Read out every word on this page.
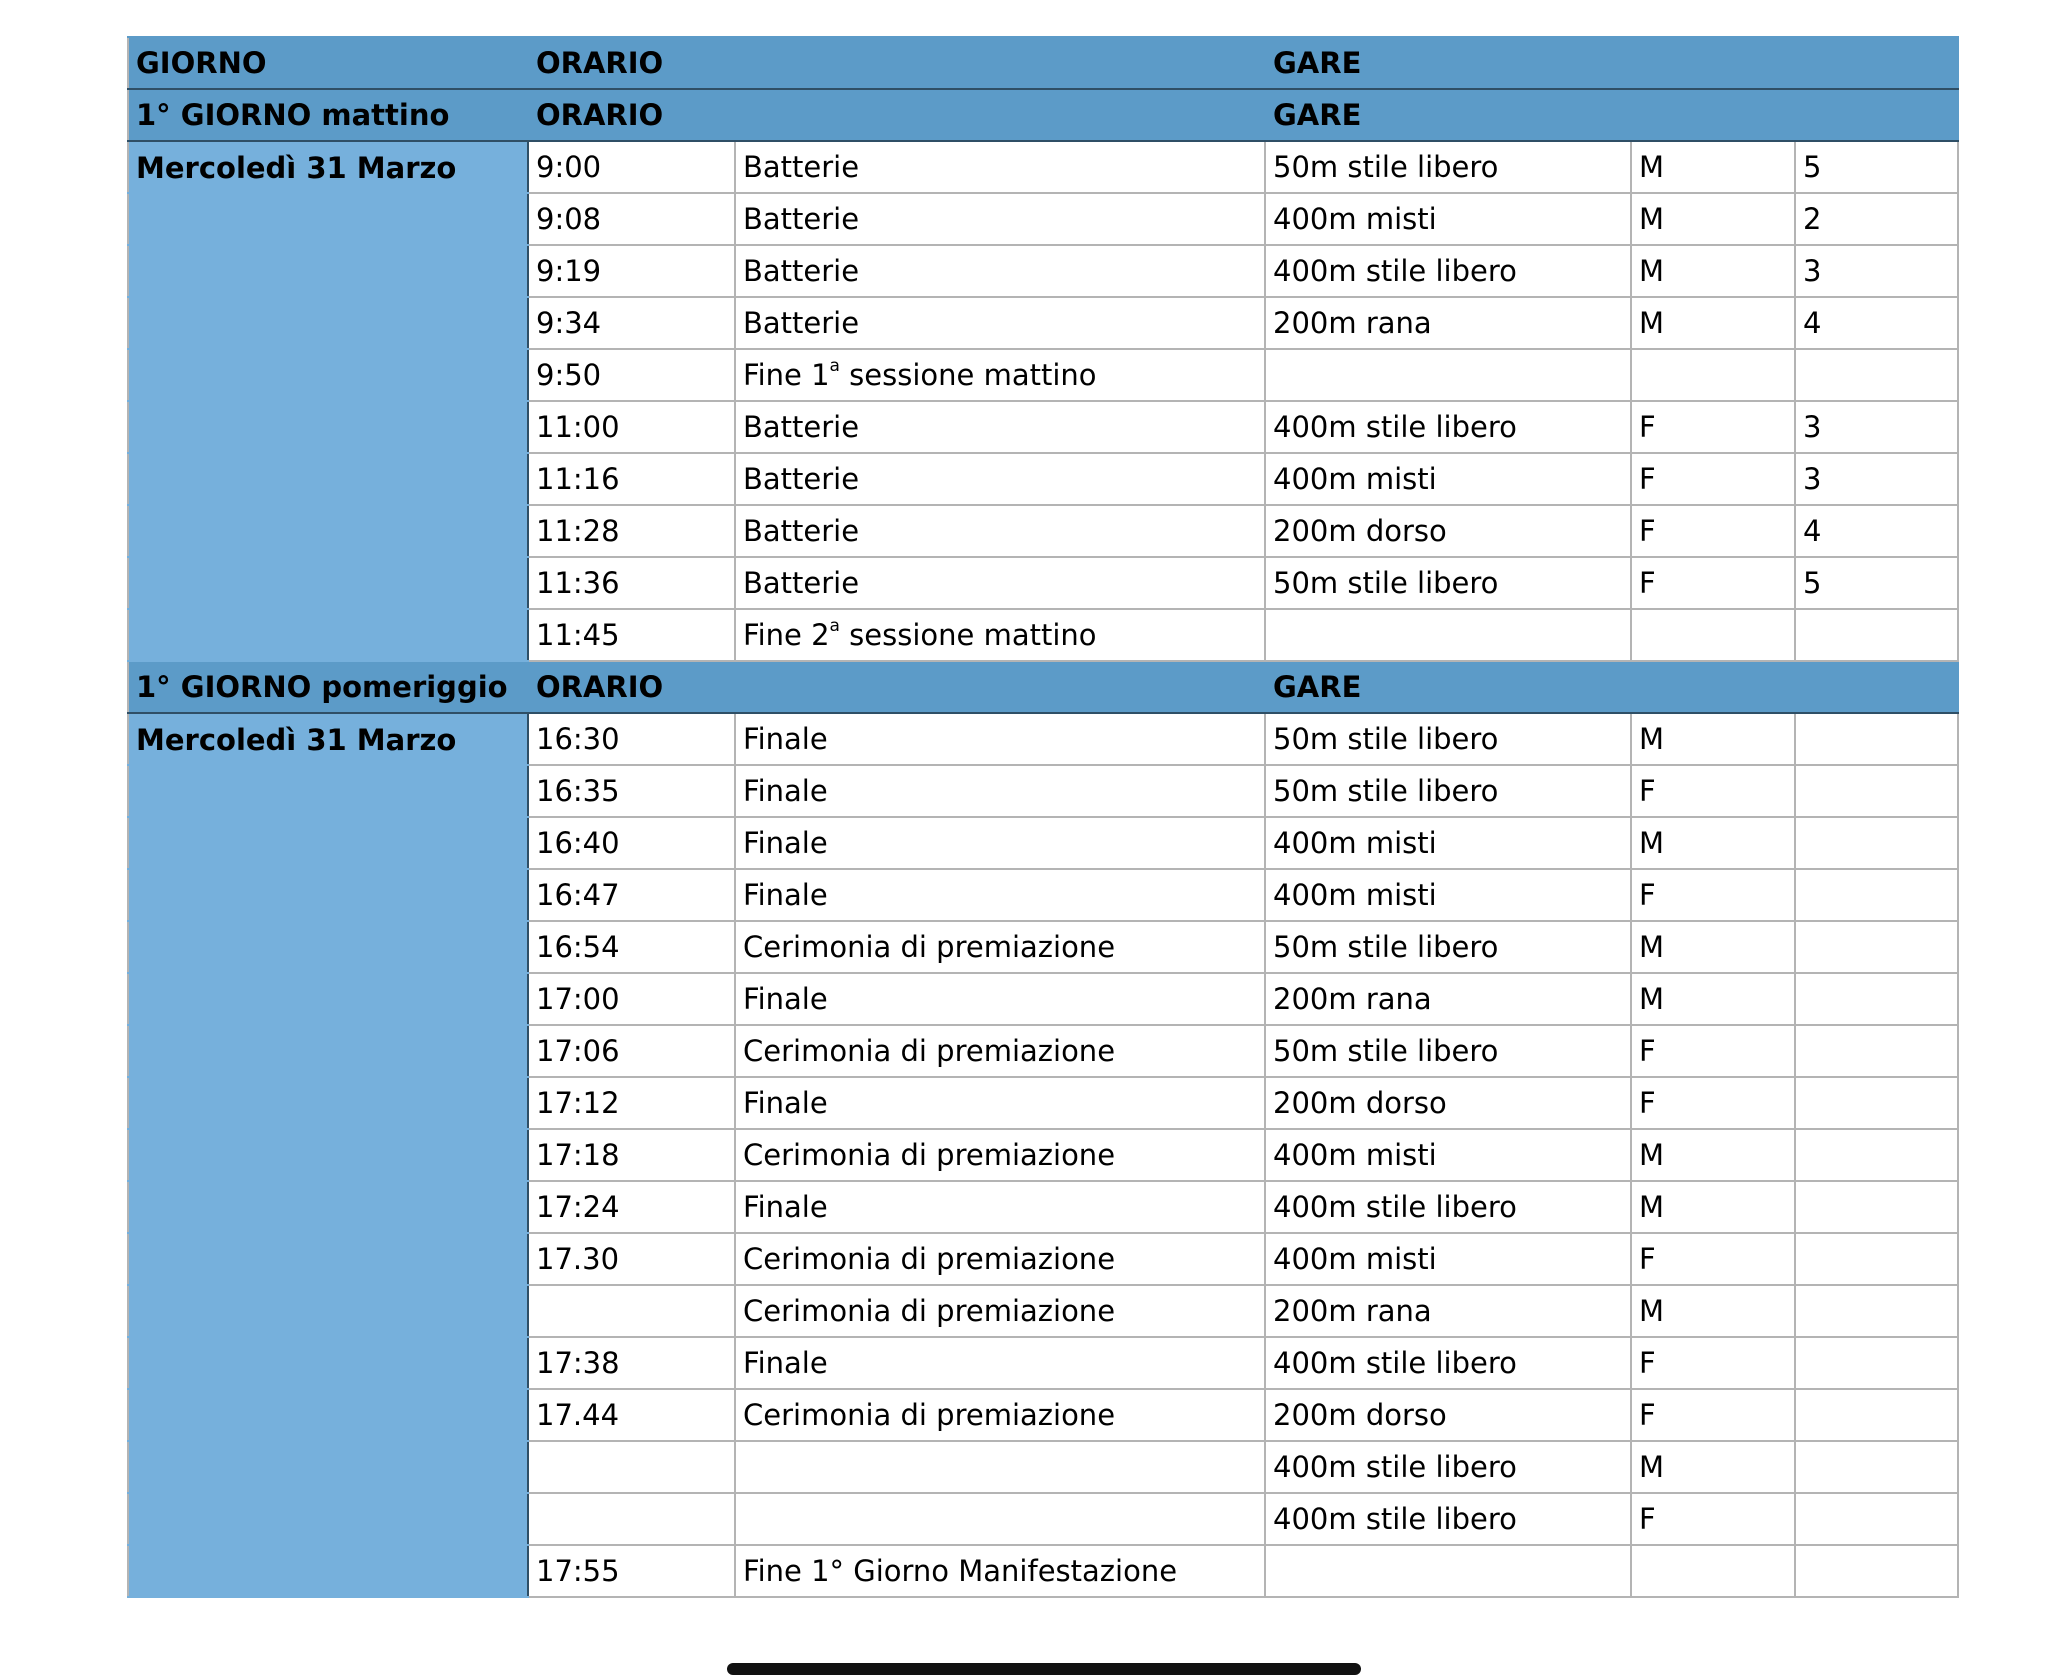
GIORNO	ORARIO		GARE		
1° GIORNO mattino	ORARIO		GARE		
Mercoledì 31 Marzo	9:00	Batterie	50m stile libero	M	5
	9:08	Batterie	400m misti	M	2
	9:19	Batterie	400m stile libero	M	3
	9:34	Batterie	200m rana	M	4
	9:50	Fine 1$^a$ sessione mattino			
	11:00	Batterie	400m stile libero	F	3
	11:16	Batterie	400m misti	F	3
	11:28	Batterie	200m dorso	F	4
	11:36	Batterie	50m stile libero	F	5
	11:45	Fine 2$^a$ sessione mattino			
1° GIORNO pomeriggio	ORARIO		GARE		
Mercoledì 31 Marzo	16:30	Finale	50m stile libero	M	
	16:35	Finale	50m stile libero	F	
	16:40	Finale	400m misti	M	
	16:47	Finale	400m misti	F	
	16:54	Cerimonia di premiazione	50m stile libero	M	
	17:00	Finale	200m rana	M	
	17:06	Cerimonia di premiazione	50m stile libero	F	
	17:12	Finale	200m dorso	F	
	17:18	Cerimonia di premiazione	400m misti	M	
	17:24	Finale	400m stile libero	M	
	17.30	Cerimonia di premiazione	400m misti	F	
		Cerimonia di premiazione	200m rana	M	
	17:38	Finale	400m stile libero	F	
	17.44	Cerimonia di premiazione	200m dorso	F	
			400m stile libero	M	
			400m stile libero	F	
	17:55	Fine 1° Giorno Manifestazione			
